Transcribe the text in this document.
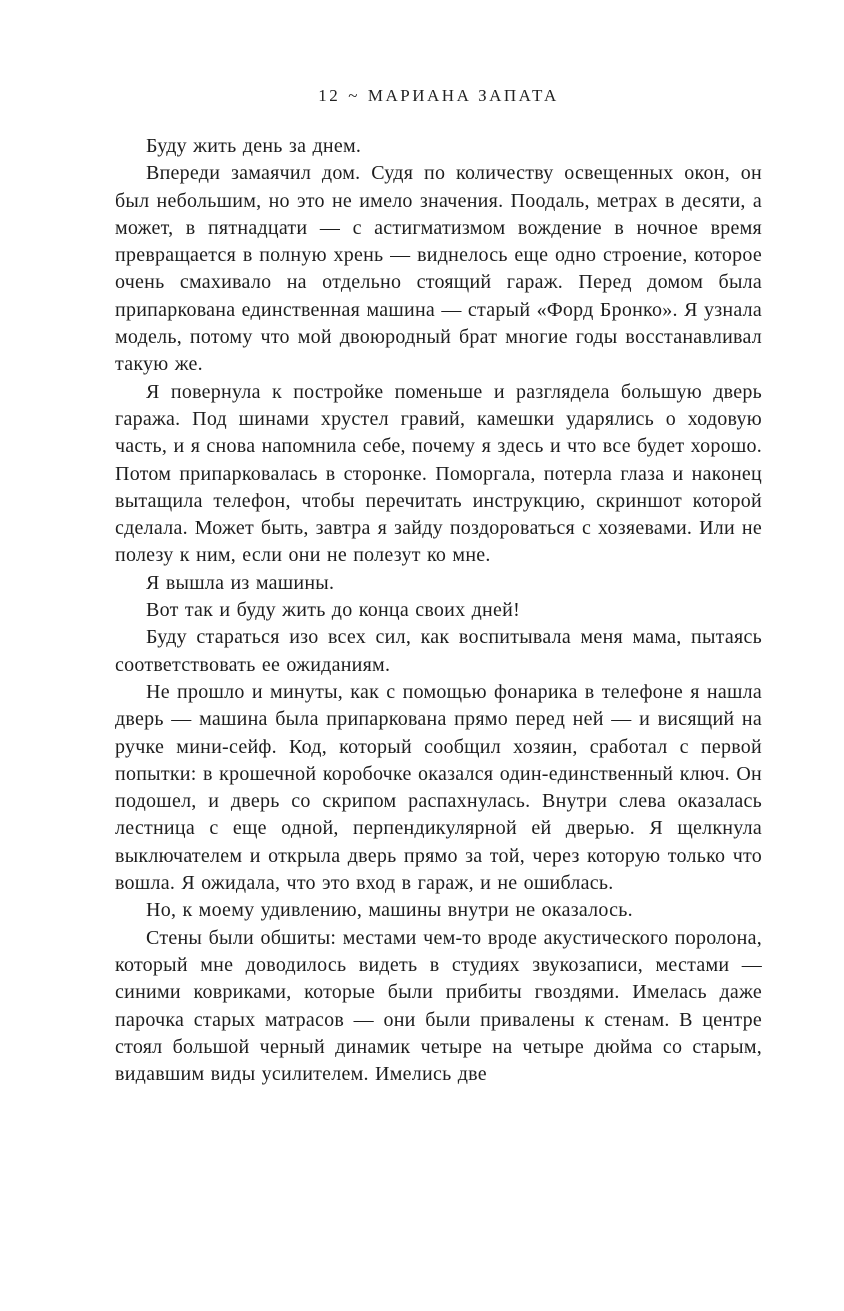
12 ~ МАРИАНА ЗАПАТА

Буду жить день за днем.

Впереди замаячил дом. Судя по количеству освещенных окон, он был небольшим, но это не имело значения. Поодаль, метрах в десяти, а может, в пятнадцати — с астигматизмом вождение в ночное время превращается в полную хрень — виднелось еще одно строение, которое очень смахивало на отдельно стоящий гараж. Перед домом была припаркована единственная машина — старый «Форд Бронко». Я узнала модель, потому что мой двоюродный брат многие годы восстанавливал такую же.

Я повернула к постройке поменьше и разглядела большую дверь гаража. Под шинами хрустел гравий, камешки ударялись о ходовую часть, и я снова напомнила себе, почему я здесь и что все будет хорошо. Потом припарковалась в сторонке. Поморгала, потерла глаза и наконец вытащила телефон, чтобы перечитать инструкцию, скриншот которой сделала. Может быть, завтра я зайду поздороваться с хозяевами. Или не полезу к ним, если они не полезут ко мне.

Я вышла из машины.

Вот так и буду жить до конца своих дней!

Буду стараться изо всех сил, как воспитывала меня мама, пытаясь соответствовать ее ожиданиям.

Не прошло и минуты, как с помощью фонарика в телефоне я нашла дверь — машина была припаркована прямо перед ней — и висящий на ручке мини-сейф. Код, который сообщил хозяин, сработал с первой попытки: в крошечной коробочке оказался один-единственный ключ. Он подошел, и дверь со скрипом распахнулась. Внутри слева оказалась лестница с еще одной, перпендикулярной ей дверью. Я щелкнула выключателем и открыла дверь прямо за той, через которую только что вошла. Я ожидала, что это вход в гараж, и не ошиблась.

Но, к моему удивлению, машины внутри не оказалось.

Стены были обшиты: местами чем-то вроде акустического поролона, который мне доводилось видеть в студиях звукозаписи, местами — синими ковриками, которые были прибиты гвоздями. Имелась даже парочка старых матрасов — они были привалены к стенам. В центре стоял большой черный динамик четыре на четыре дюйма со старым, видавшим виды усилителем. Имелись две
